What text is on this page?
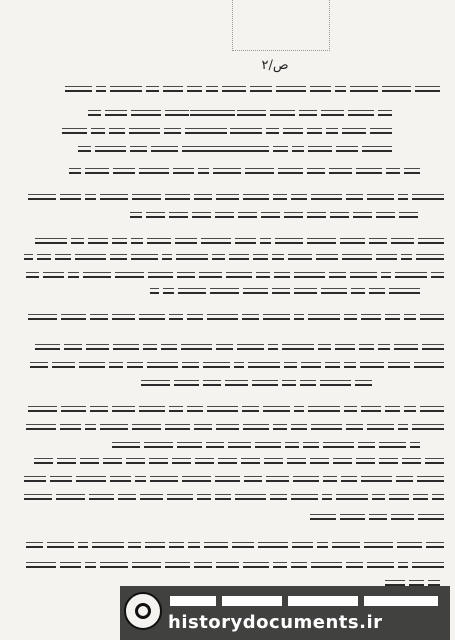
ص/۲
historydocuments.ir
